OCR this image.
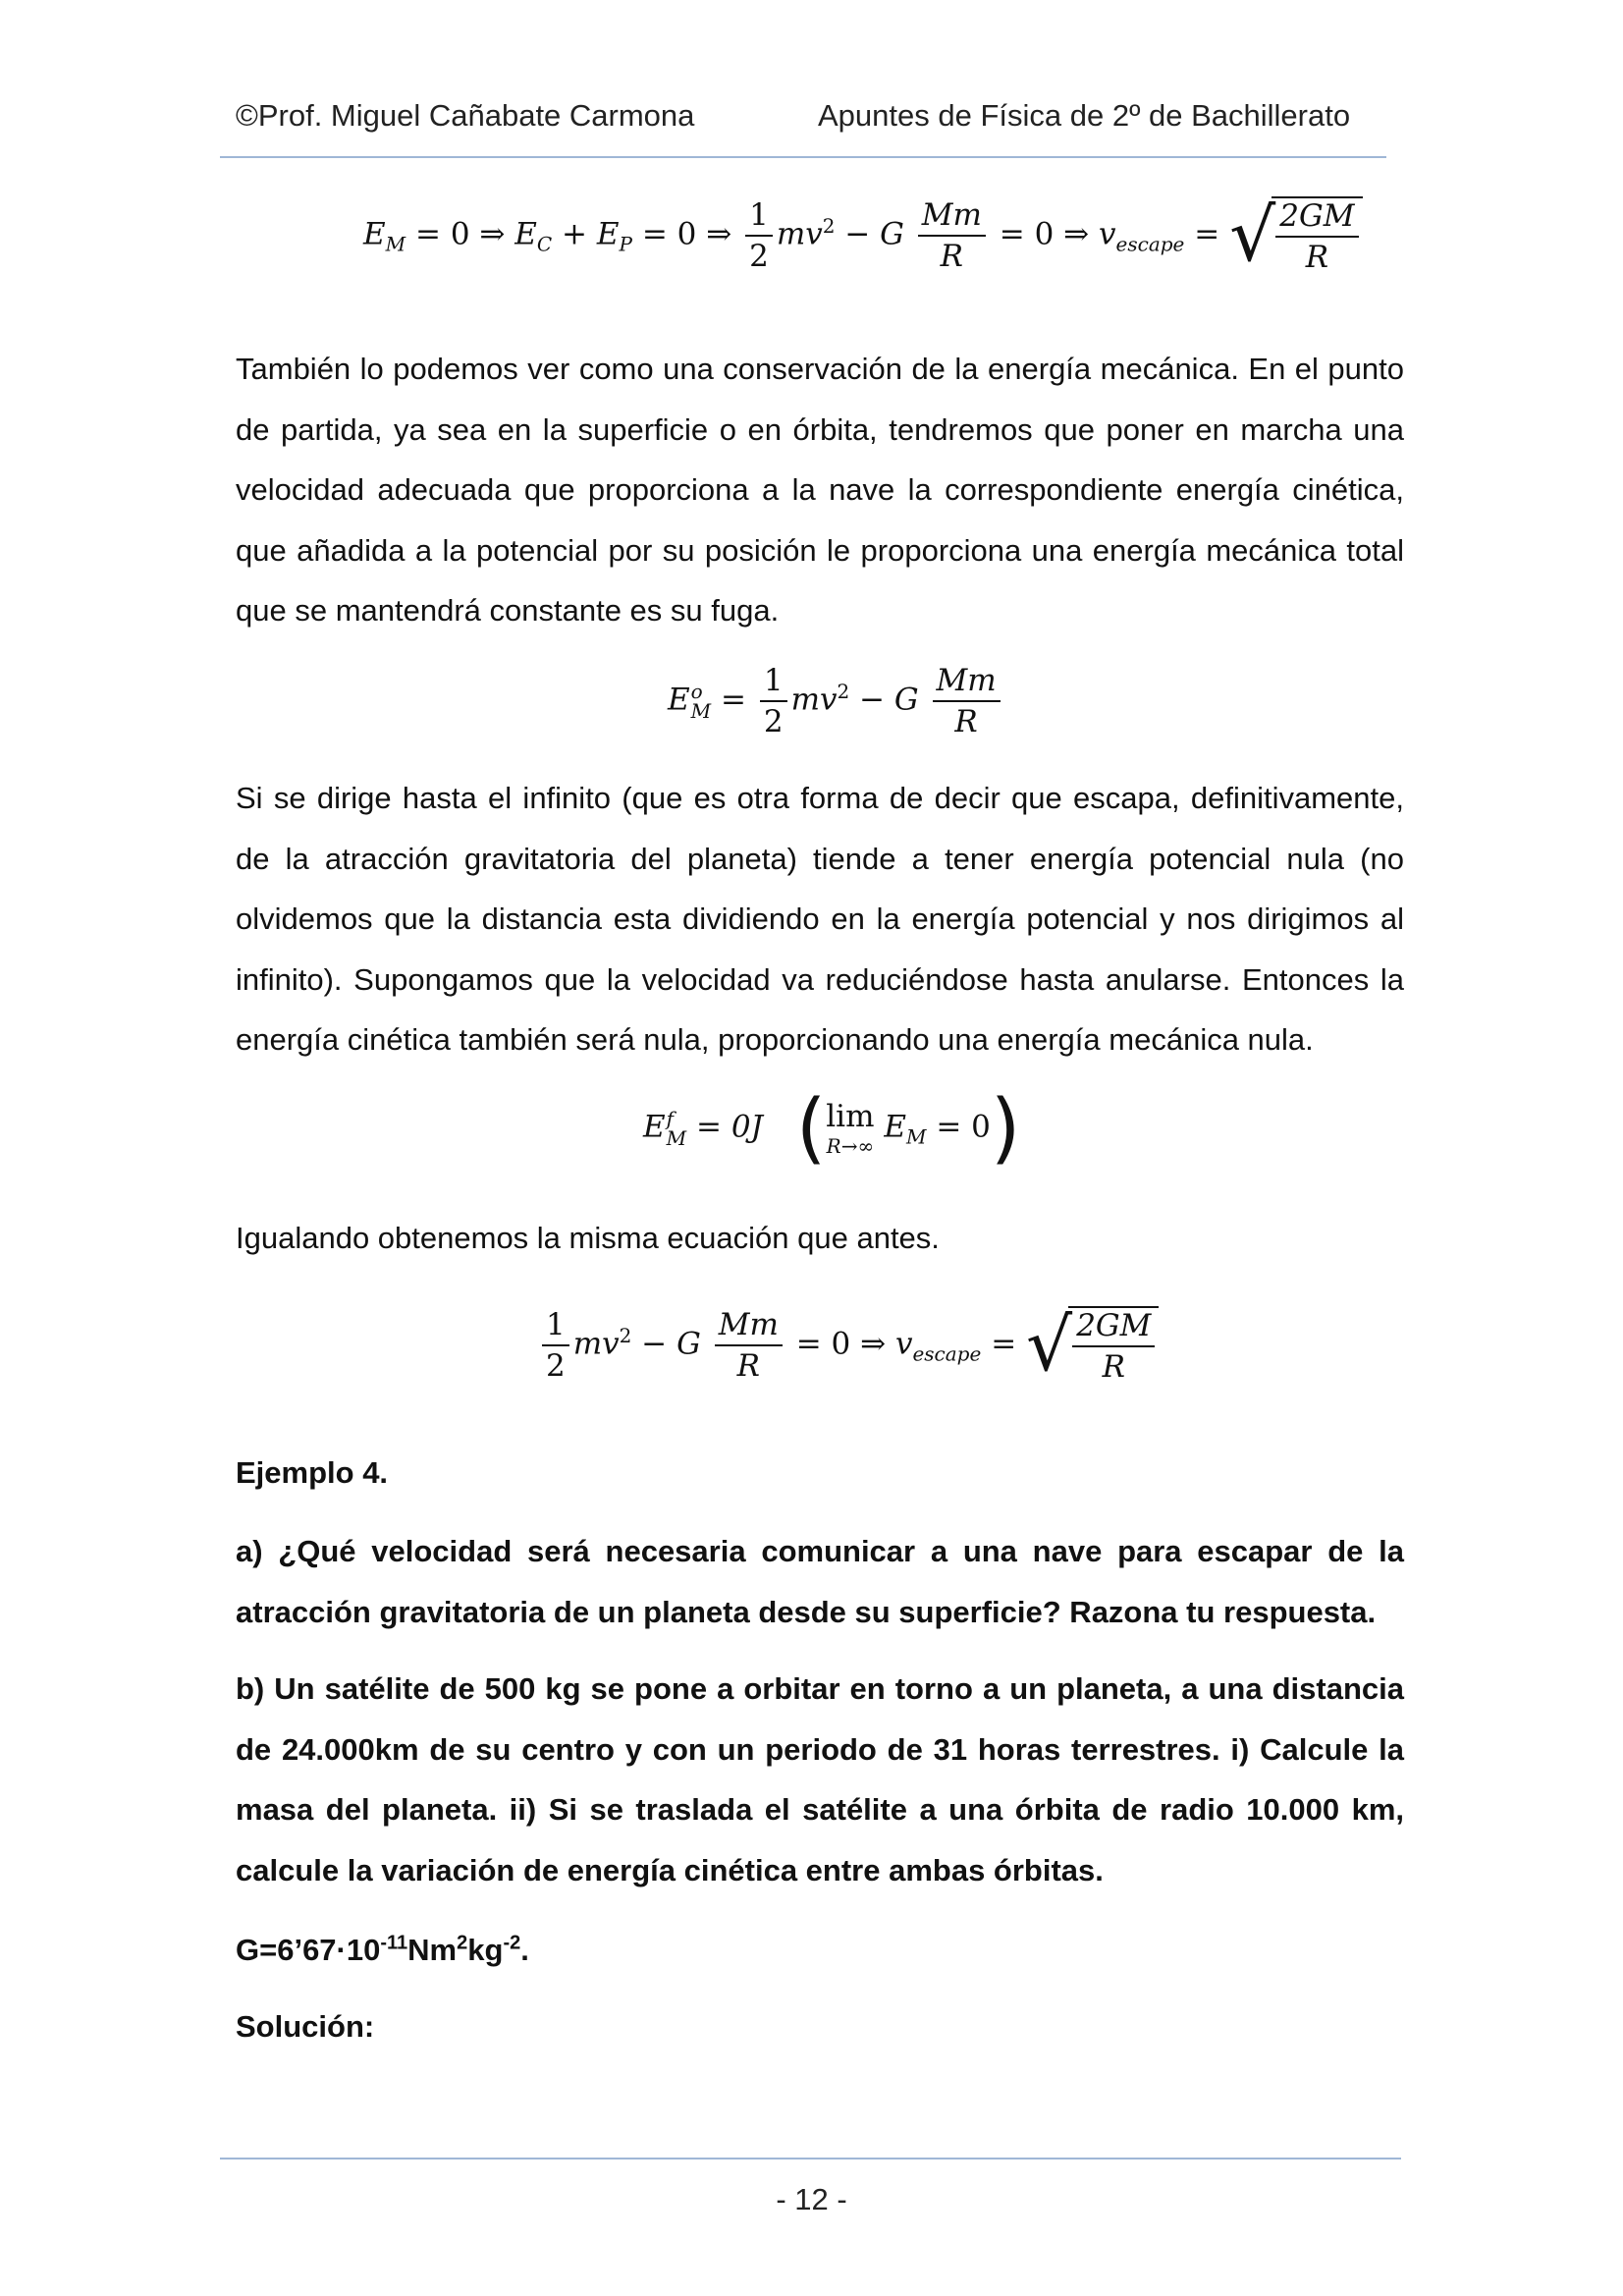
©Prof. Miguel Cañabate Carmona	Apuntes de Física de 2º de Bachillerato
$E_M = 0$ ⇒ $E_C + E_P = 0$ ⇒ $\frac{1}{2} mv^2 - G \frac{Mm}{R} = 0$ ⇒ $v_{escape}$ = √ $\frac{2GM}{R}$
También lo podemos ver como una conservación de la energía mecánica. En el punto de partida, ya sea en la superficie o en órbita, tendremos que poner en marcha una velocidad adecuada que proporciona a la nave la correspondiente energía cinética, que añadida a la potencial por su posición le proporciona una energía mecánica total que se mantendrá constante es su fuga.
E o
$M = \frac{1}{2} mv^2 - G \frac{Mm}{R}$
Si se dirige hasta el infinito (que es otra forma de decir que escapa, definitivamente, de la atracción gravitatoria del planeta) tiende a tener energía potencial nula (no olvidemos que la distancia esta dividiendo en la energía potencial y nos dirigimos al infinito). Supongamos que la velocidad va reduciéndose hasta anularse. Entonces la energía cinética también será nula, proporcionando una energía mecánica nula.
E f
M = 0J ( lim
R→∞
$E_M = 0$)
Igualando obtenemos la misma ecuación que antes.
$\frac{1}{2} mv^2 - G \frac{Mm}{R} = 0$ ⇒ $v_{escape}$ = √ $\frac{2GM}{R}$
Ejemplo 4.
a) ¿Qué velocidad será necesaria comunicar a una nave para escapar de la atracción gravitatoria de un planeta desde su superficie? Razona tu respuesta.
b) Un satélite de 500 kg se pone a orbitar en torno a un planeta, a una distancia de 24.000km de su centro y con un periodo de 31 horas terrestres. i) Calcule la masa del planeta. ii) Si se traslada el satélite a una órbita de radio 10.000 km, calcule la variación de energía cinética entre ambas órbitas.
$G=6’67\cdot 10^{-11}Nm^2kg^{-2}$.
Solución:
- 12 -
